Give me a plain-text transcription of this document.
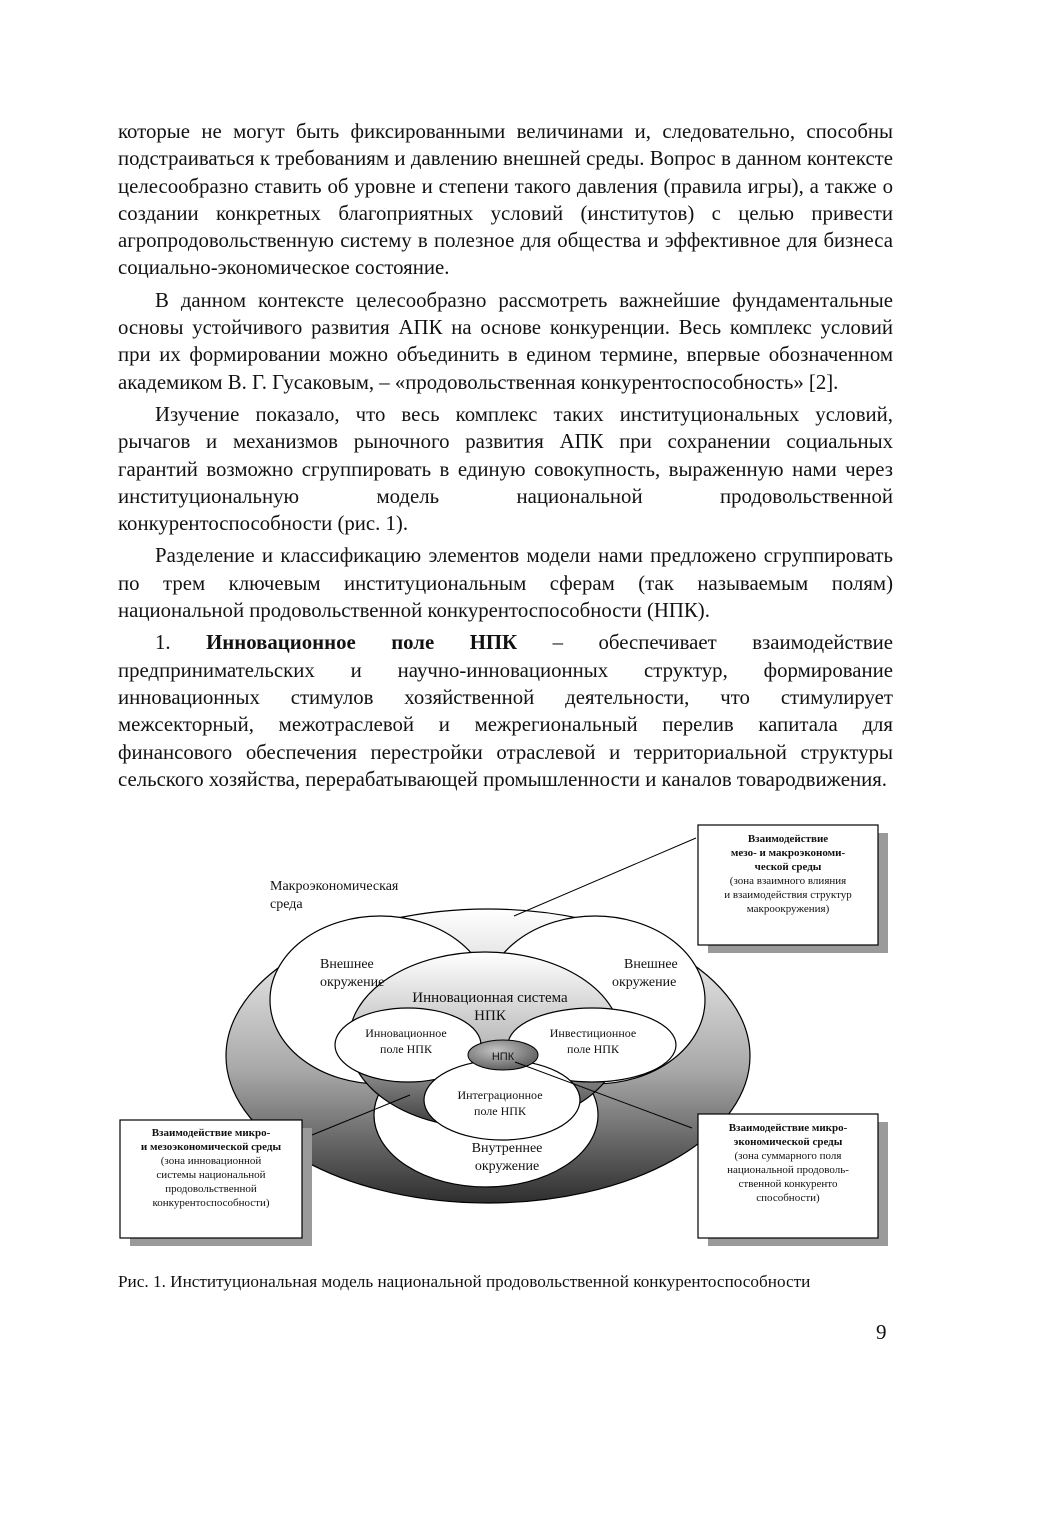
которые не могут быть фиксированными величинами и, следовательно, способны подстраиваться к требованиям и давлению внешней среды. Вопрос в данном контексте целесообразно ставить об уровне и степени такого давления (правила игры), а также о создании конкретных благоприятных условий (институтов) с целью привести агропродовольственную систему в полезное для общества и эффективное для бизнеса социально-экономическое состояние.

В данном контексте целесообразно рассмотреть важнейшие фундаментальные основы устойчивого развития АПК на основе конкуренции. Весь комплекс условий при их формировании можно объединить в едином термине, впервые обозначенном академиком В. Г. Гусаковым, – «продовольственная конкурентоспособность» [2].

Изучение показало, что весь комплекс таких институциональных условий, рычагов и механизмов рыночного развития АПК при сохранении социальных гарантий возможно сгруппировать в единую совокупность, выраженную нами через институциональную модель национальной продовольственной конкурентоспособности (рис. 1).

Разделение и классификацию элементов модели нами предложено сгруппировать по трем ключевым институциональным сферам (так называемым полям) национальной продовольственной конкурентоспособности (НПК).

1. Инновационное поле НПК – обеспечивает взаимодействие предпринимательских и научно-инновационных структур, формирование инновационных стимулов хозяйственной деятельности, что стимулирует межсекторный, межотраслевой и межрегиональный перелив капитала для финансового обеспечения перестройки отраслевой и территориальной структуры сельского хозяйства, перерабатывающей промышленности и каналов товародвижения.

Макроэкономическая
среда
Внешнее
окружение
Внешнее
окружение
Инновационная система
НПК
Внутреннее
окружение
Инновационное
поле НПК
Инвестиционное
поле НПК
Интеграционное
поле НПК
НПК
Взаимодействие
мезо- и макроэкономи-
ческой среды
(зона взаимного влияния
и взаимодействия структур
макроокружения)
Взаимодействие микро-
и мезоэкономической среды
(зона инновационной
системы национальной
продовольственной
конкурентоспособности)
Взаимодействие микро-
экономической среды
(зона суммарного поля
национальной продоволь-
ственной конкуренто
способности)
Рис. 1. Институциональная модель национальной продовольственной конкурентоспособности
9
